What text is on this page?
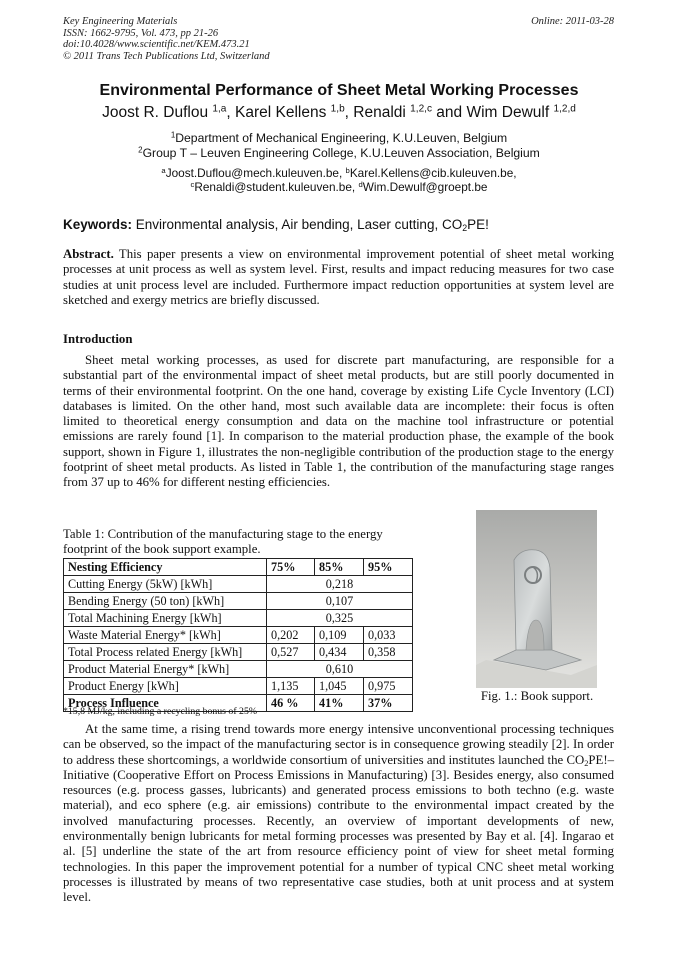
Key Engineering Materials
ISSN: 1662-9795, Vol. 473, pp 21-26
doi:10.4028/www.scientific.net/KEM.473.21
© 2011 Trans Tech Publications Ltd, Switzerland
Online: 2011-03-28
Environmental Performance of Sheet Metal Working Processes
Joost R. Duflou $^{1,a}$, Karel Kellens $^{1,b}$, Renaldi $^{1,2,c}$ and Wim Dewulf $^{1,2,d}$
$^1$Department of Mechanical Engineering, K.U.Leuven, Belgium
$^2$Group T – Leuven Engineering College, K.U.Leuven Association, Belgium
$^a$Joost.Duflou@mech.kuleuven.be, $^b$Karel.Kellens@cib.kuleuven.be,
$^c$Renaldi@student.kuleuven.be, $^d$Wim.Dewulf@groept.be
Keywords: Environmental analysis, Air bending, Laser cutting, $CO_2PE$!
Abstract. This paper presents a view on environmental improvement potential of sheet metal working processes at unit process as well as system level. First, results and impact reducing measures for two case studies at unit process level are included. Furthermore impact reduction opportunities at system level are sketched and exergy metrics are briefly discussed.
Introduction
Sheet metal working processes, as used for discrete part manufacturing, are responsible for a substantial part of the environmental impact of sheet metal products, but are still poorly documented in terms of their environmental footprint. On the one hand, coverage by existing Life Cycle Inventory (LCI) databases is limited. On the other hand, most such available data are incomplete: their focus is often limited to theoretical energy consumption and data on the machine tool infrastructure or potential emissions are rarely found [1]. In comparison to the material production phase, the example of the book support, shown in Figure 1, illustrates the non-negligible contribution of the production stage to the energy footprint of sheet metal products. As listed in Table 1, the contribution of the manufacturing stage ranges from 37 up to 46% for different nesting efficiencies.
Table 1: Contribution of the manufacturing stage to the energy footprint of the book support example.
Nesting Efficiency	75%	85%	95%
Cutting Energy (5kW) [kWh]	0,218		
Bending Energy (50 ton) [kWh]	0,107		
Total Machining Energy [kWh]	0,325		
Waste Material Energy* [kWh]	0,202	0,109	0,033
Total Process related Energy [kWh]	0,527	0,434	0,358
Product Material Energy* [kWh]	0,610		
Product Energy [kWh]	1,135	1,045	0,975
Process Influence	46 %	41%	37%
*15,8 MJ/kg, including a recycling bonus of 25%
Fig. 1.: Book support.
At the same time, a rising trend towards more energy intensive unconventional processing techniques can be observed, so the impact of the manufacturing sector is in consequence growing steadily [2]. In order to address these shortcomings, a worldwide consortium of universities and institutes launched the $CO_2PE$!–Initiative (Cooperative Effort on Process Emissions in Manufacturing) [3]. Besides energy, also consumed resources (e.g. process gasses, lubricants) and generated process emissions to both techno (e.g. waste material), and eco sphere (e.g. air emissions) contribute to the environmental impact created by the involved manufacturing processes. Recently, an overview of important developments of new, environmentally benign lubricants for metal forming processes was presented by Bay et al. [4]. Ingarao et al. [5] underline the state of the art from resource efficiency point of view for sheet metal forming technologies. In this paper the improvement potential for a number of typical CNC sheet metal working processes is illustrated by means of two representative case studies, both at unit process and at system level.
